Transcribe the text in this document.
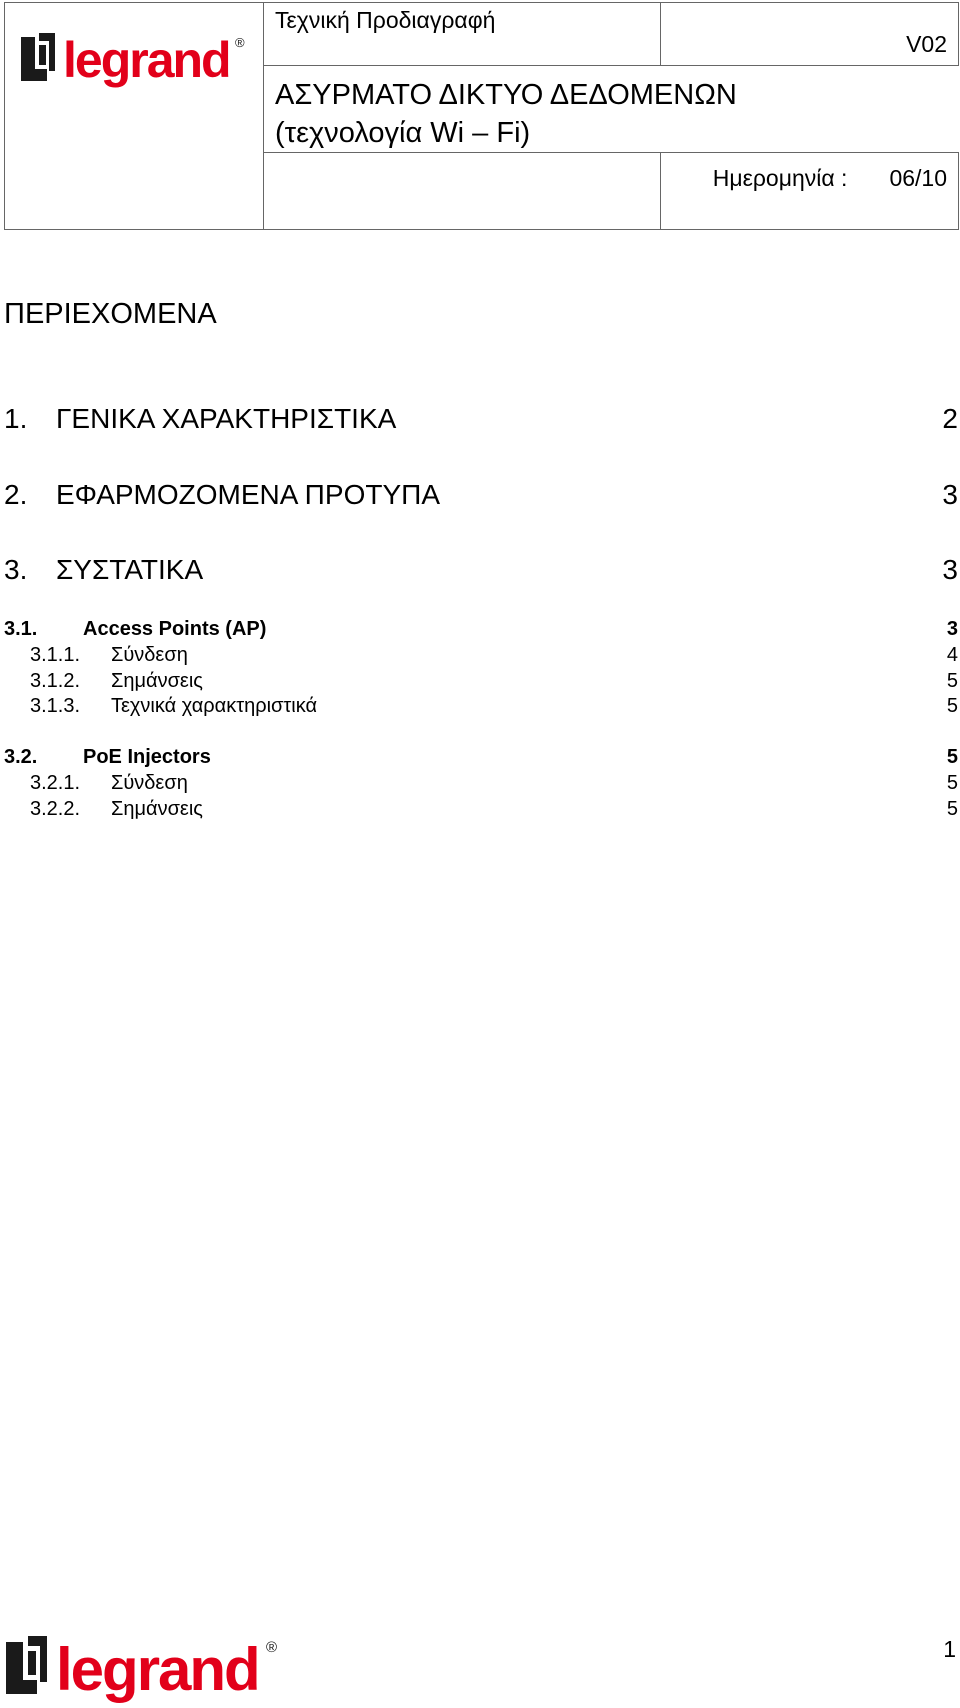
legrand ®	Τεχνική Προδιαγραφή	V02

	ΑΣΥΡΜΑΤΟ ΔΙΚΤΥΟ ΔΕΔΟΜΕΝΩΝ
(τεχνολογία Wi – Fi)	

		Ημερομηνία : 06/10
ΠΕΡΙΕΧΟΜΕΝΑ
1.	ΓΕΝΙΚΑ ΧΑΡΑΚΤΗΡΙΣΤΙΚΑ	2
2.	ΕΦΑΡΜΟΖΟΜΕΝΑ ΠΡΟΤΥΠΑ	3
3.	ΣΥΣΤΑΤΙΚΑ	3
3.1.	Access Points (AP)	3
3.1.1.	Σύνδεση	4
3.1.2.	Σημάνσεις	5
3.1.3.	Τεχνικά χαρακτηριστικά	5
3.2.	PoE Injectors	5
3.2.1.	Σύνδεση	5
3.2.2.	Σημάνσεις	5
legrand ®	1
